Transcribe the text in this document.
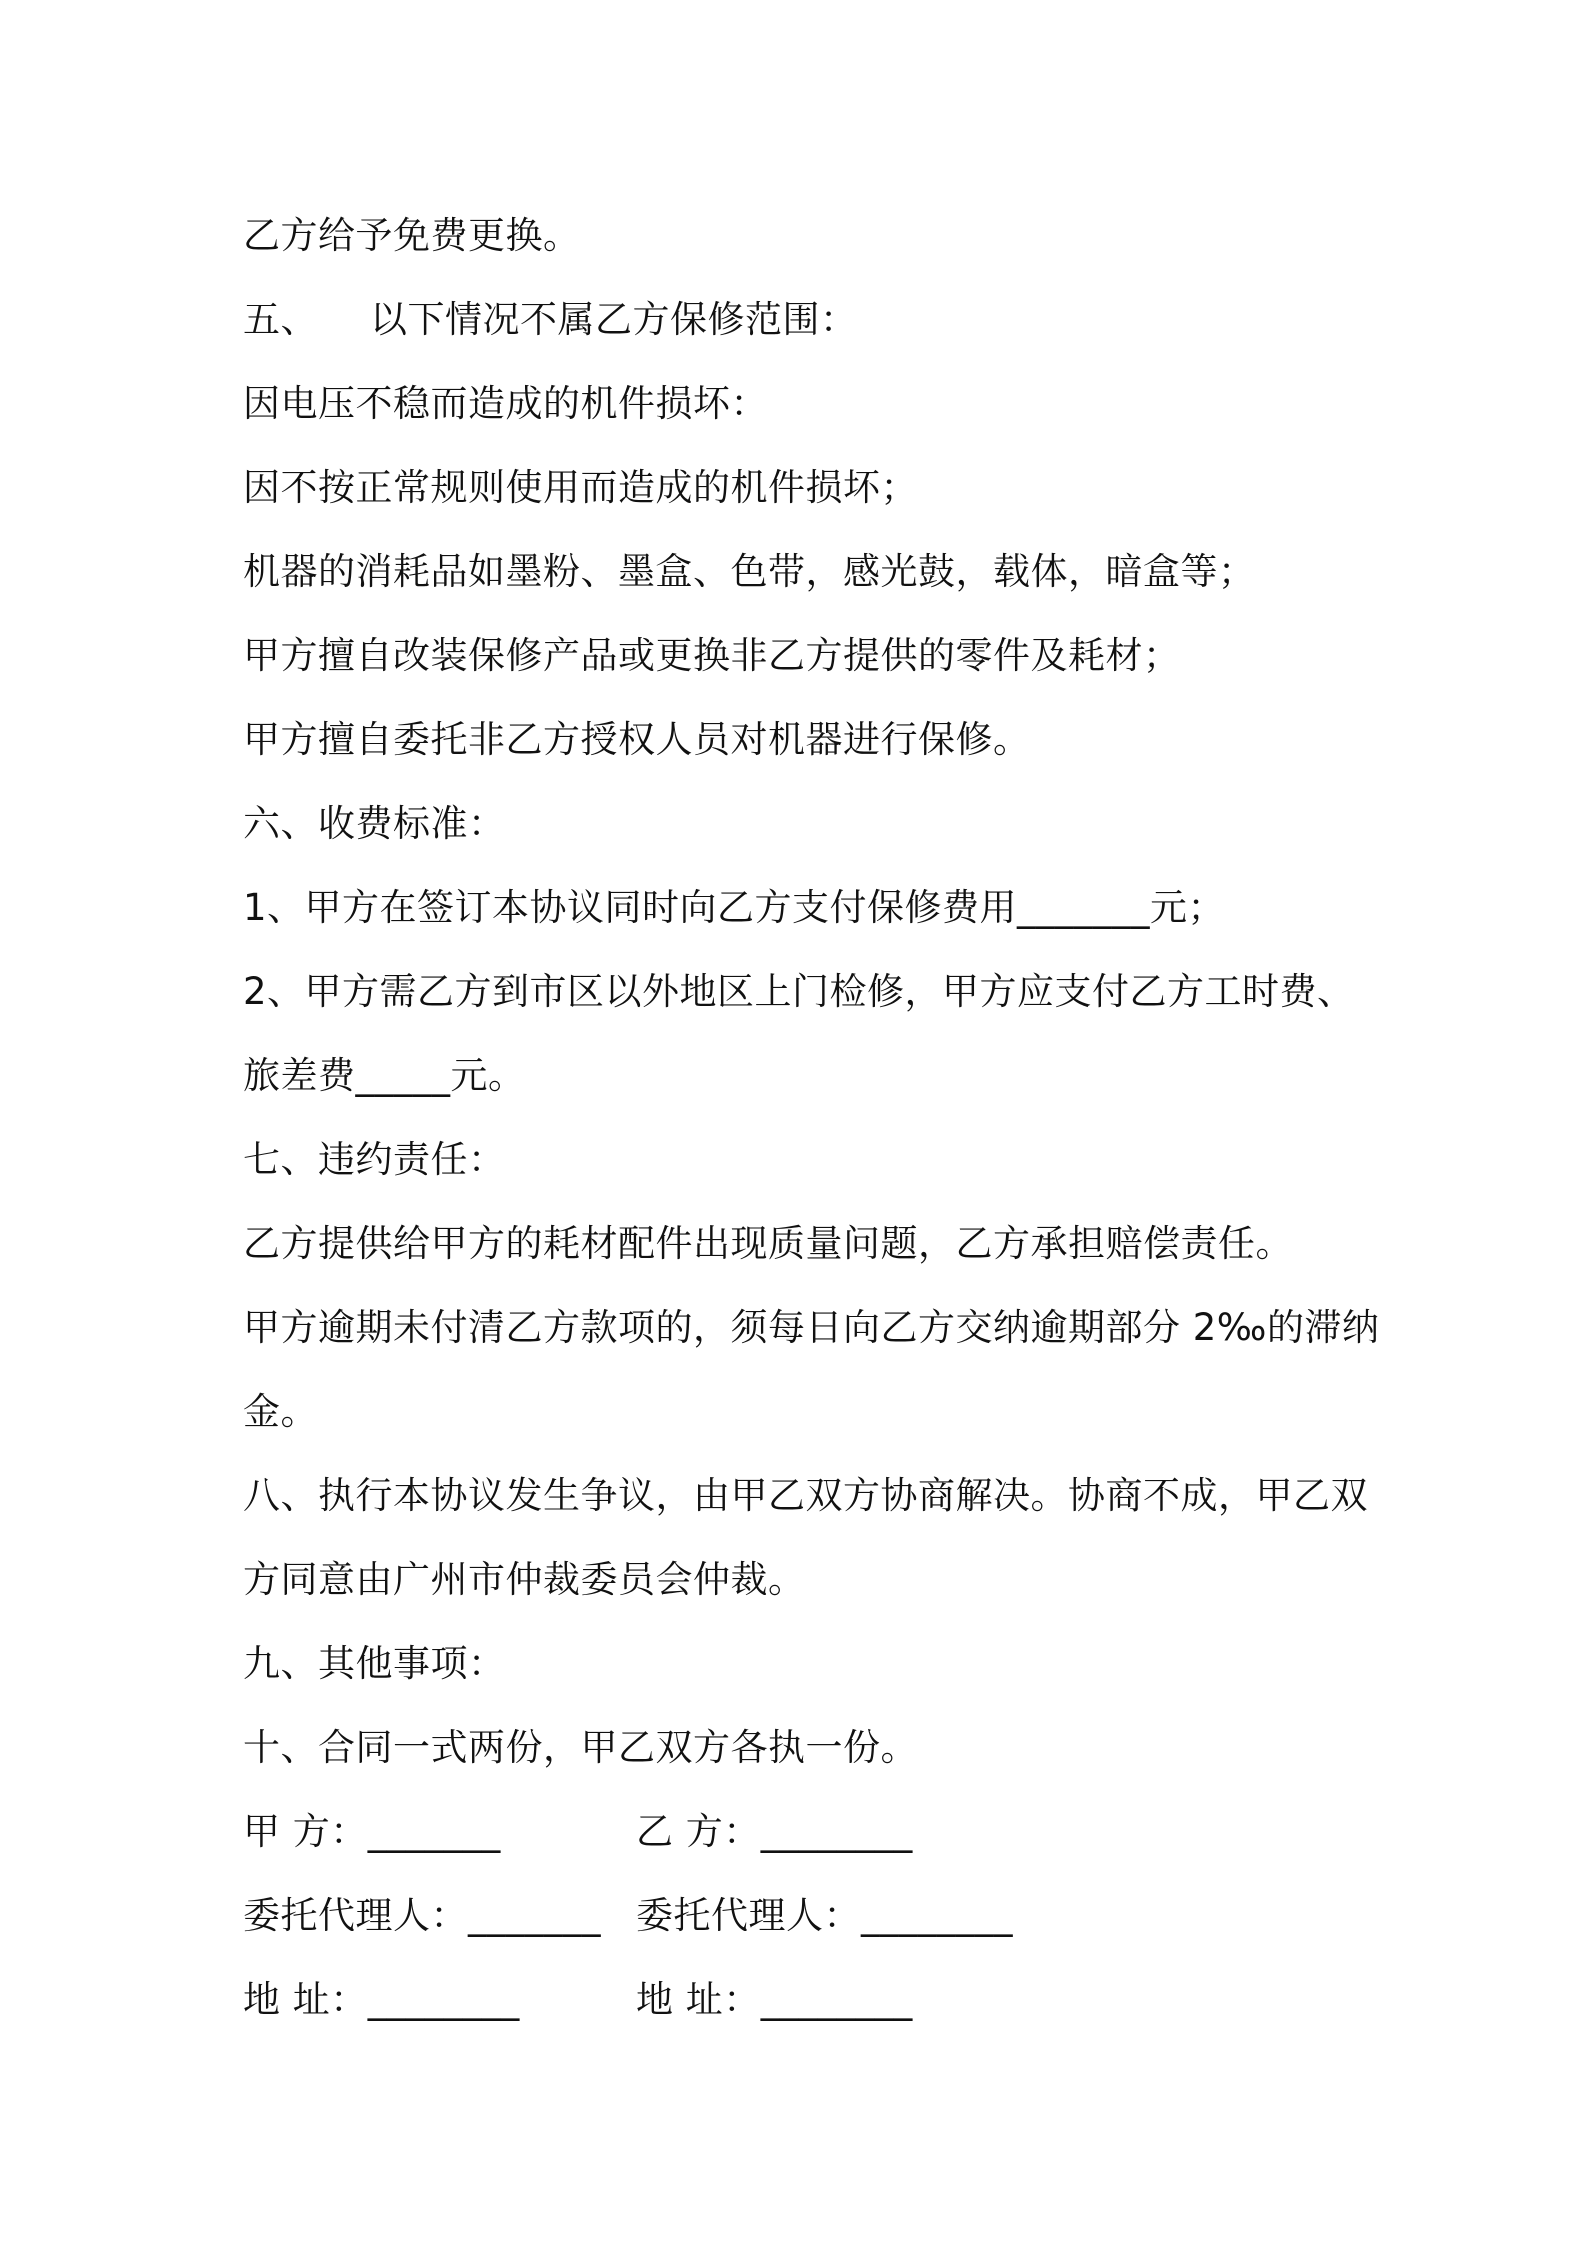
乙方给予免费更换。
五、 以下情况不属乙方保修范围：
因电压不稳而造成的机件损坏：
因不按正常规则使用而造成的机件损坏；
机器的消耗品如墨粉、墨盒、色带，感光鼓，载体，暗盒等；
甲方擅自改装保修产品或更换非乙方提供的零件及耗材；
甲方擅自委托非乙方授权人员对机器进行保修。
六、收费标准：
1、甲方在签订本协议同时向乙方支付保修费用_______元；
2、甲方需乙方到市区以外地区上门检修，甲方应支付乙方工时费、
旅差费_____元。
七、违约责任：
乙方提供给甲方的耗材配件出现质量问题，乙方承担赔偿责任。
甲方逾期未付清乙方款项的，须每日向乙方交纳逾期部分 2‰的滞纳
金。
八、执行本协议发生争议，由甲乙双方协商解决。协商不成，甲乙双
方同意由广州市仲裁委员会仲裁。
九、其他事项：
十、合同一式两份，甲乙双方各执一份。
甲 方：_______	乙 方：________
委托代理人：_______ 委托代理人：________
地 址：________	地 址：________
